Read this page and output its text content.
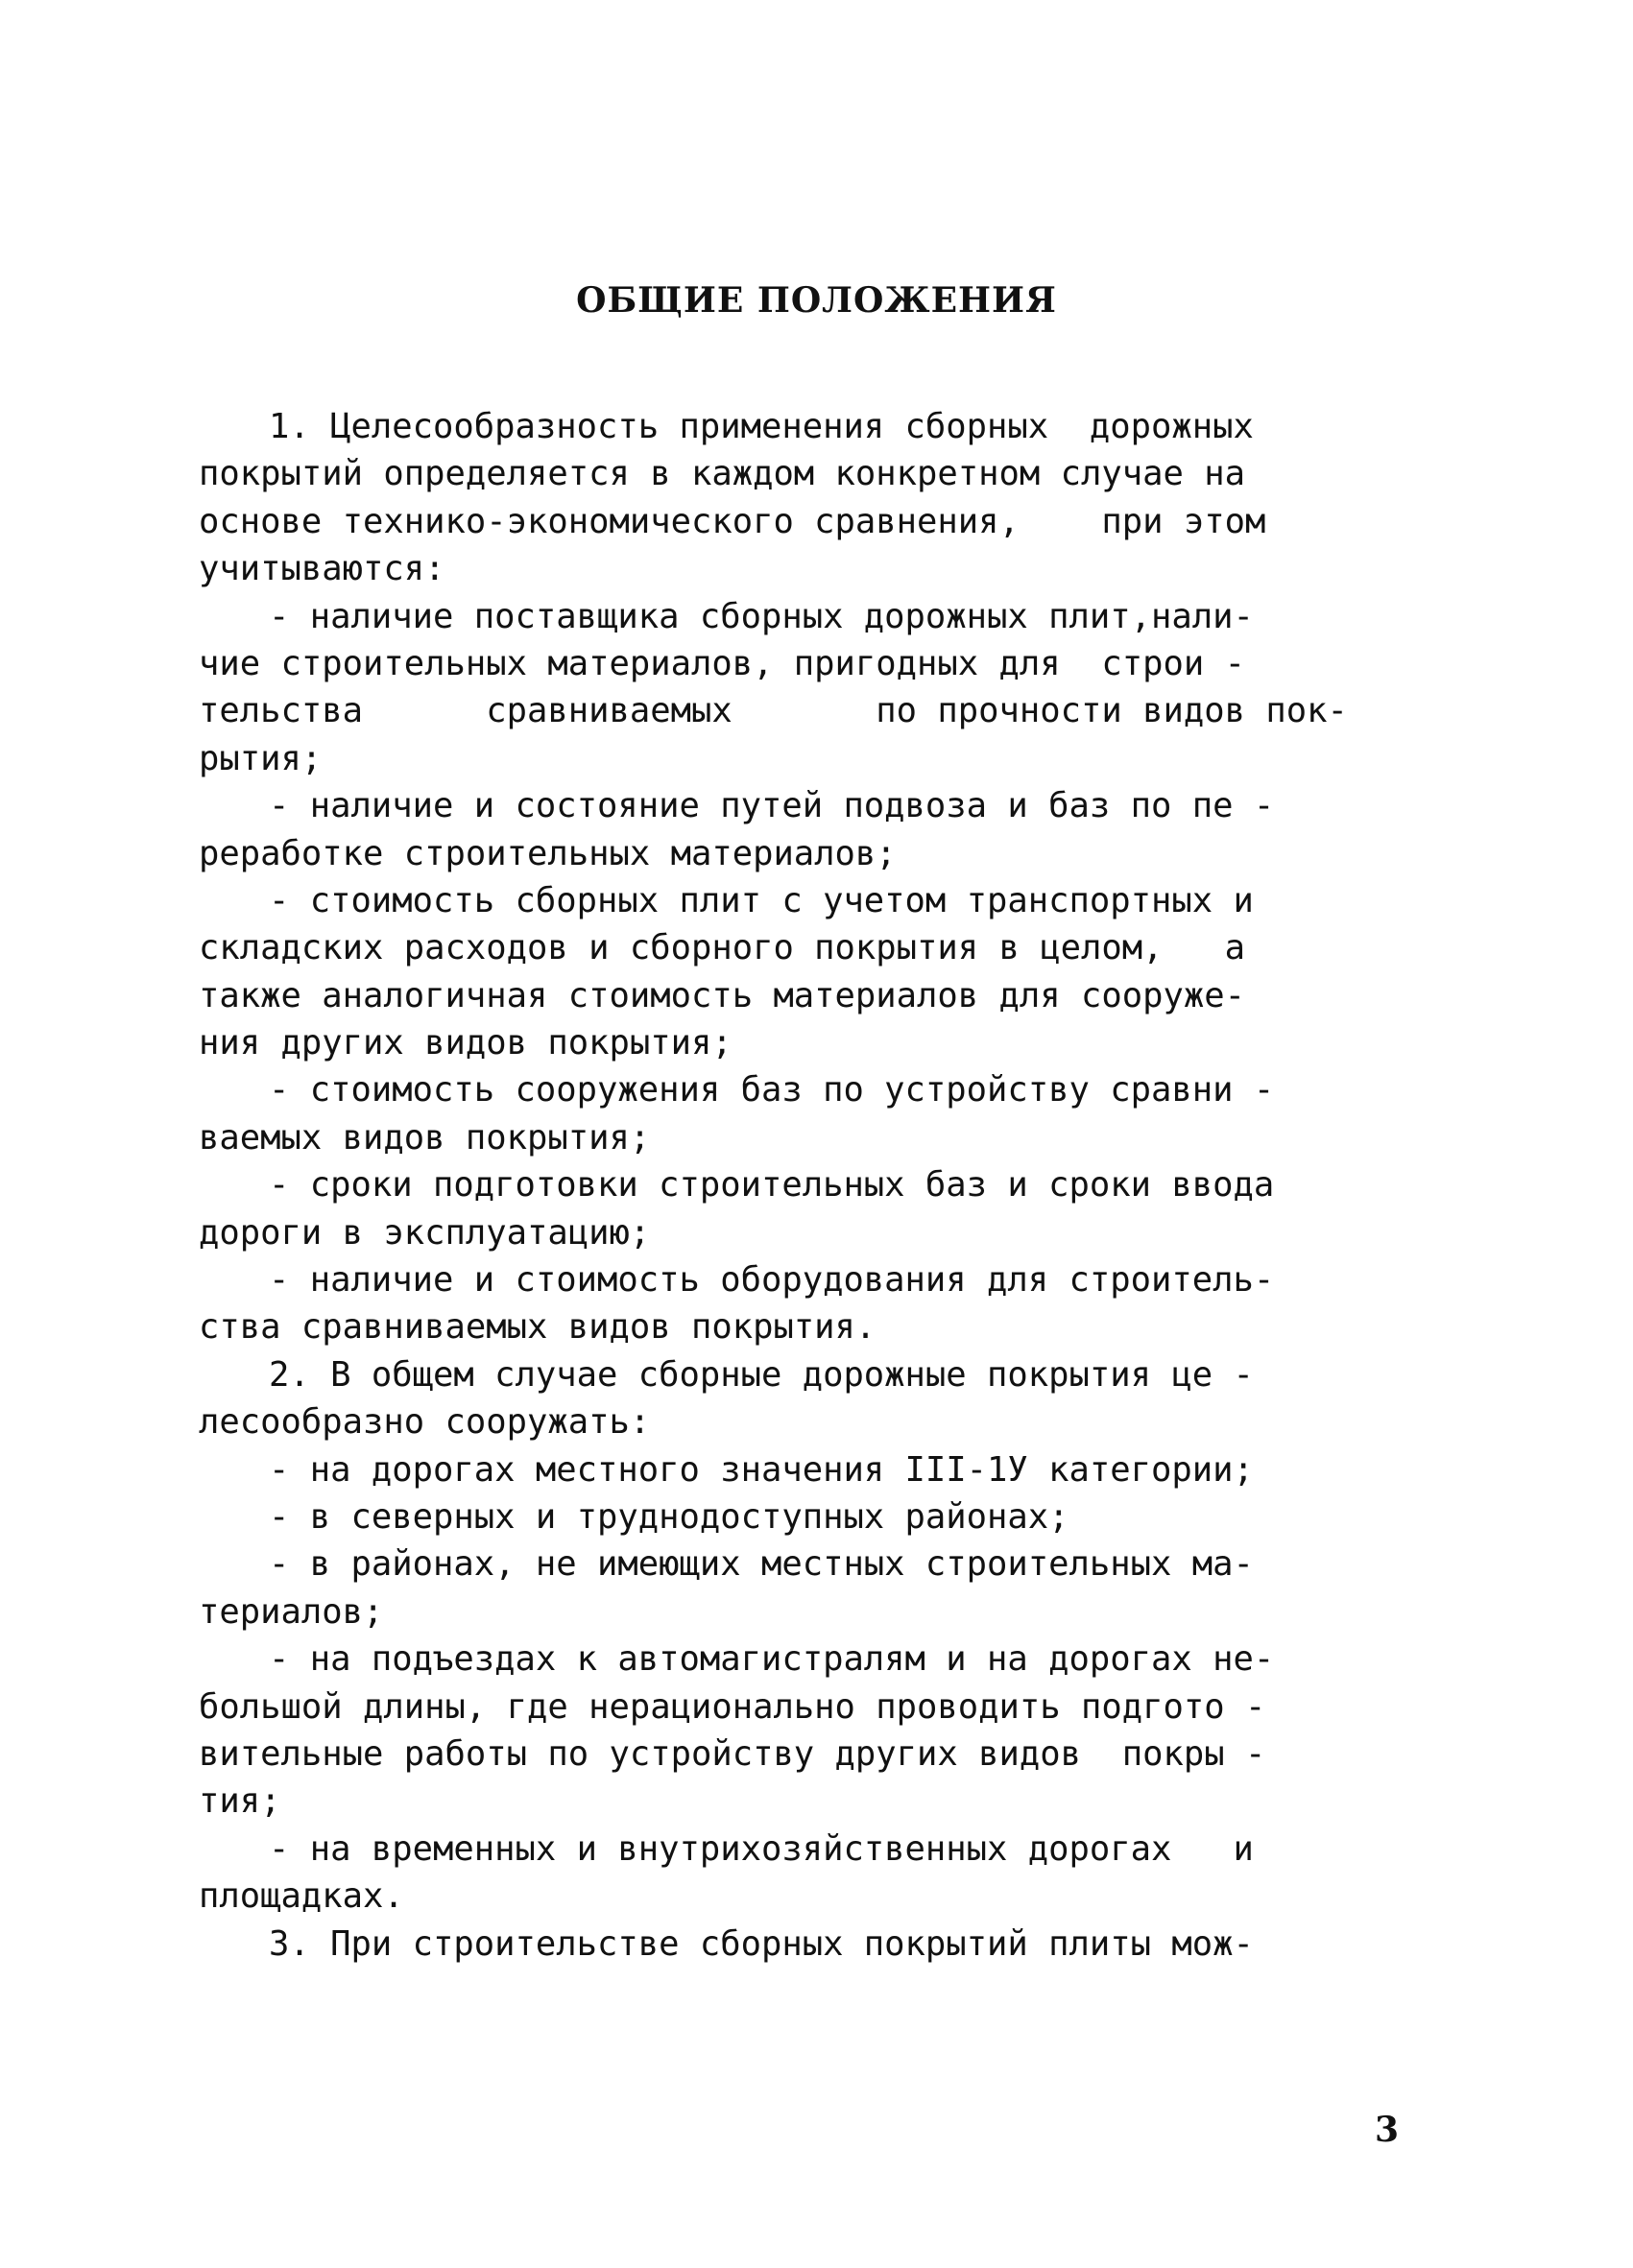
ОБЩИЕ ПОЛОЖЕНИЯ
1. Целесообразность применения сборных  дорожных
покрытий определяется в каждом конкретном случае на
основе технико-экономического сравнения,    при этом
учитываются:
- наличие поставщика сборных дорожных плит,нали-
чие строительных материалов, пригодных для  строи -
тельства      сравниваемых       по прочности видов пок-
рытия;
- наличие и состояние путей подвоза и баз по пе -
реработке строительных материалов;
- стоимость сборных плит с учетом транспортных и
складских расходов и сборного покрытия в целом,   а
также аналогичная стоимость материалов для сооруже-
ния других видов покрытия;
- стоимость сооружения баз по устройству сравни -
ваемых видов покрытия;
- сроки подготовки строительных баз и сроки ввода
дороги в эксплуатацию;
- наличие и стоимость оборудования для строитель-
ства сравниваемых видов покрытия.
2. В общем случае сборные дорожные покрытия це -
лесообразно сооружать:
- на дорогах местного значения III-1У категории;
- в северных и труднодоступных районах;
- в районах, не имеющих местных строительных ма-
териалов;
- на подъездах к автомагистралям и на дорогах не-
большой длины, где нерационально проводить подгото -
вительные работы по устройству других видов  покры -
тия;
- на временных и внутрихозяйственных дорогах   и
площадках.
3. При строительстве сборных покрытий плиты мож-
3
